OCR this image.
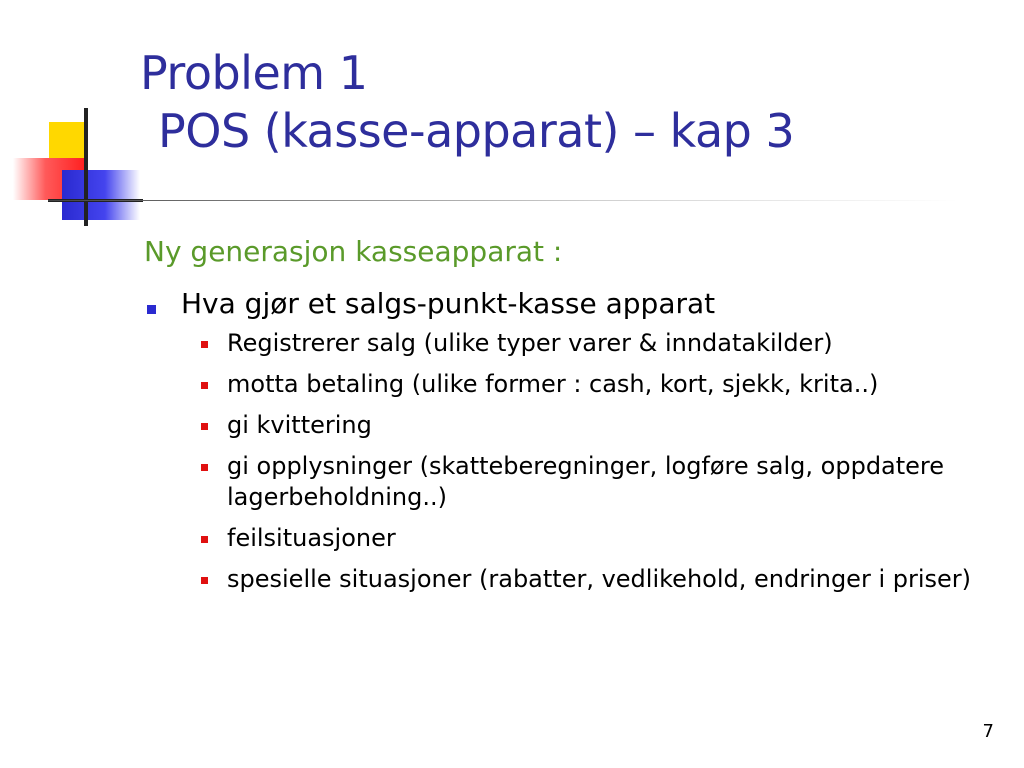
Problem 1
POS (kasse-apparat) – kap 3

Ny generasjon kasseapparat :

Hva gjør et salgs-punkt-kasse apparat
Registrerer salg (ulike typer varer & inndatakilder)
motta betaling (ulike former : cash, kort, sjekk, krita..)
gi kvittering
gi opplysninger (skatteberegninger, logføre salg, oppdatere lagerbeholdning..)
feilsituasjoner
spesielle situasjoner (rabatter, vedlikehold, endringer i priser)
7
